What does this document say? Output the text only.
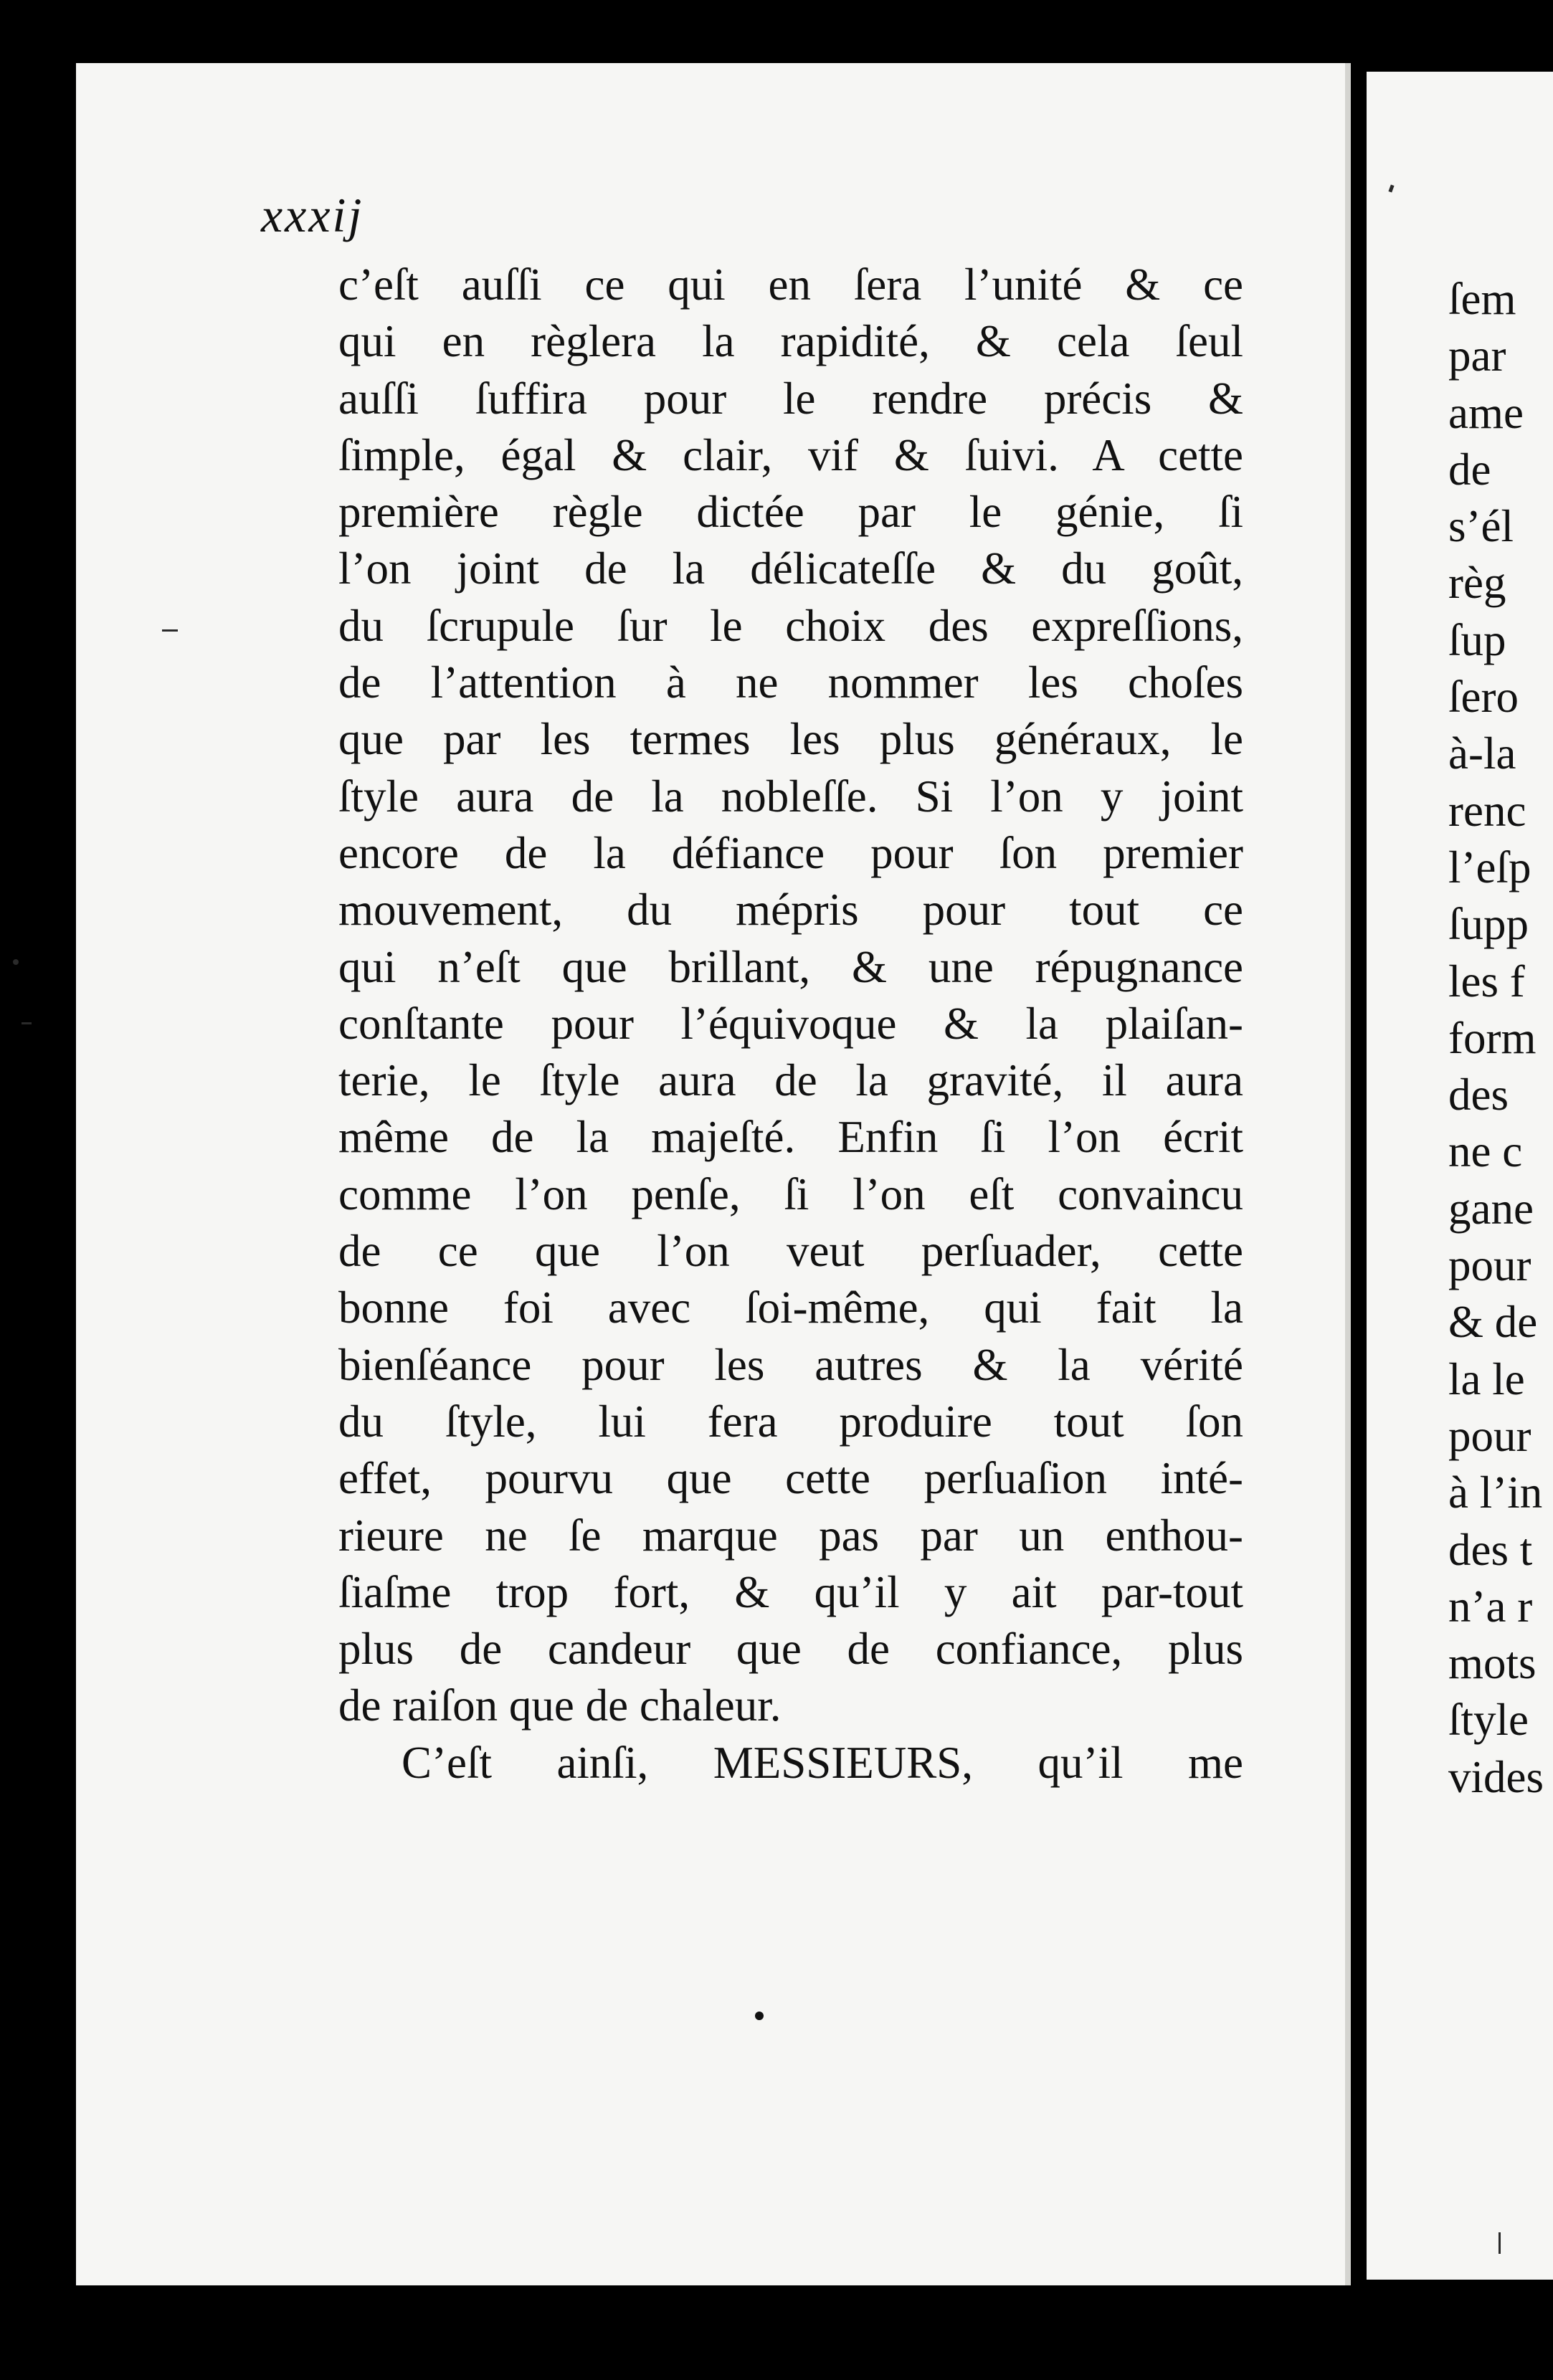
xxxij

c’eſt auſſi ce qui en ſera l’unité & ce
qui en règlera la rapidité, & cela ſeul
auſſi ſuffira pour le rendre précis &
ſimple, égal & clair, vif & ſuivi. A cette
première règle dictée par le génie, ſi
l’on joint de la délicateſſe & du goût,
du ſcrupule ſur le choix des expreſſions,
de l’attention à ne nommer les choſes
que par les termes les plus généraux, le
ſtyle aura de la nobleſſe. Si l’on y joint
encore de la défiance pour ſon premier
mouvement, du mépris pour tout ce
qui n’eſt que brillant, & une répugnance
conſtante pour l’équivoque & la plaiſan-
terie, le ſtyle aura de la gravité, il aura
même de la majeſté. Enfin ſi l’on écrit
comme l’on penſe, ſi l’on eſt convaincu
de ce que l’on veut perſuader, cette
bonne foi avec ſoi-même, qui fait la
bienſéance pour les autres & la vérité
du ſtyle, lui fera produire tout ſon
effet, pourvu que cette perſuaſion inté-
rieure ne ſe marque pas par un enthou-
ſiaſme trop fort, & qu’il y ait par-tout
plus de candeur que de confiance, plus
de raiſon que de chaleur.
C’eſt ainſi, MESSIEURS, qu’il me
ſem
par
ame
de
s’él
règ
ſup
ſero
à-la
renc
l’eſp
ſupp
les f
form
des
ne c
gane
pour
& de
la le
pour
à l’in
des t
n’a r
mots
ſtyle
vides
